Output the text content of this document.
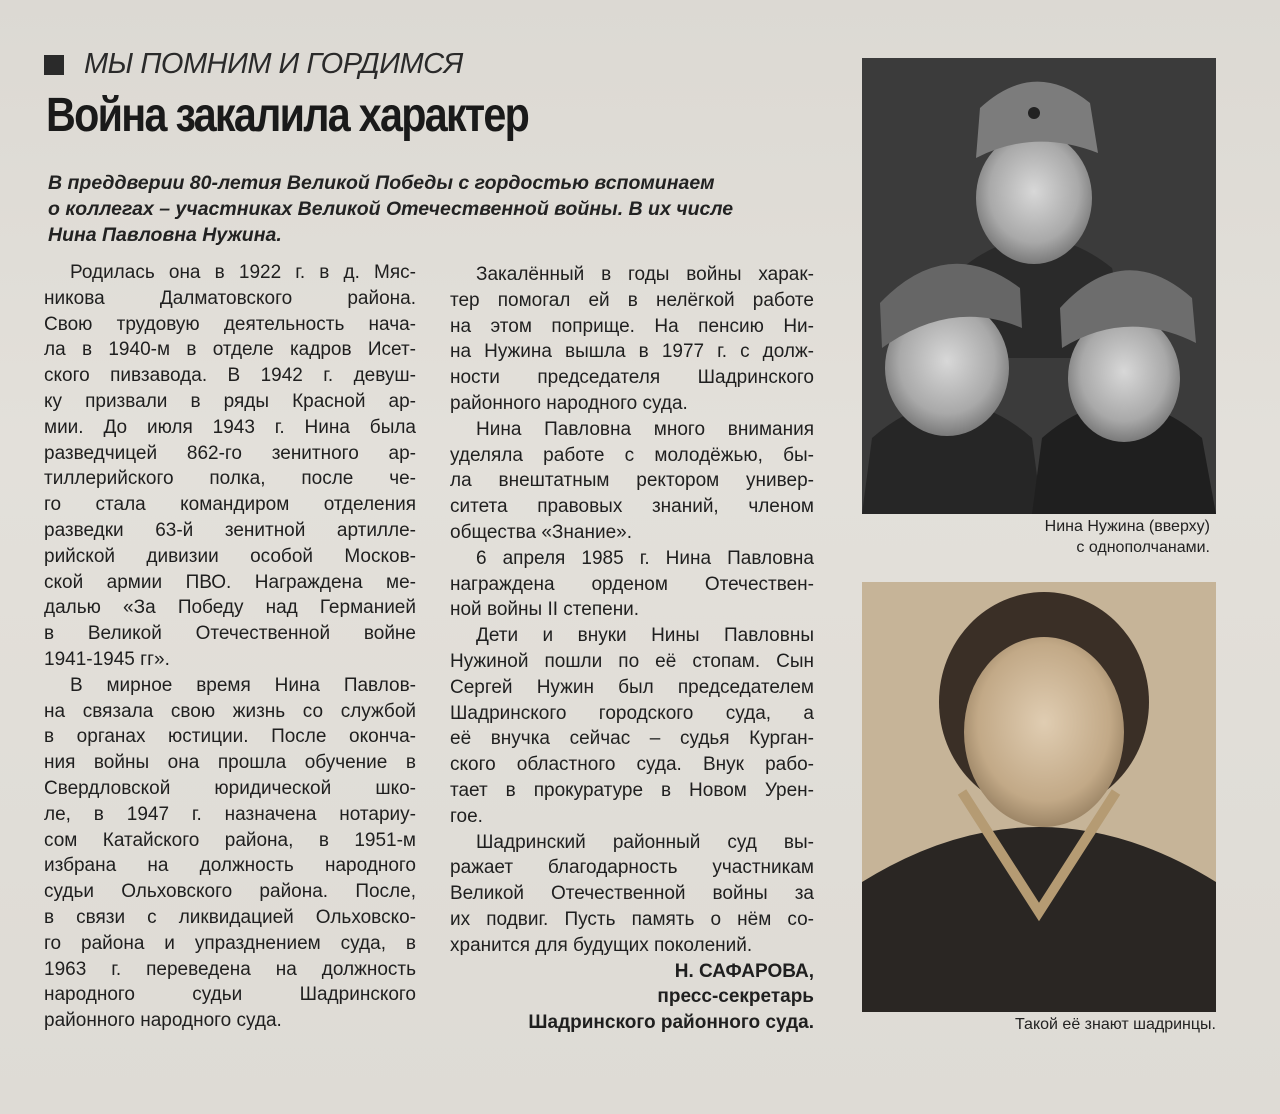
МЫ ПОМНИМ И ГОРДИМСЯ
Война закалила характер
В преддверии 80-летия Великой Победы с гордостью вспоминаем
о коллегах – участниках Великой Отечественной войны. В их числе
Нина Павловна Нужина.
Родилась она в 1922 г. в д. Мяс-
никова Далматовского района.
Свою трудовую деятельность нача-
ла в 1940-м в отделе кадров Исет-
ского пивзавода. В 1942 г. девуш-
ку призвали в ряды Красной ар-
мии. До июля 1943 г. Нина была
разведчицей 862-го зенитного ар-
тиллерийского полка, после че-
го стала командиром отделения
разведки 63-й зенитной артилле-
рийской дивизии особой Москов-
ской армии ПВО. Награждена ме-
далью «За Победу над Германией
в Великой Отечественной войне
1941-1945 гг».
В мирное время Нина Павлов-
на связала свою жизнь со службой
в органах юстиции. После оконча-
ния войны она прошла обучение в
Свердловской юридической шко-
ле, в 1947 г. назначена нотариу-
сом Катайского района, в 1951-м
избрана на должность народного
судьи Ольховского района. После,
в связи с ликвидацией Ольховско-
го района и упразднением суда, в
1963 г. переведена на должность
народного судьи Шадринского
районного народного суда.
Закалённый в годы войны харак-
тер помогал ей в нелёгкой работе
на этом поприще. На пенсию Ни-
на Нужина вышла в 1977 г. с долж-
ности председателя Шадринского
районного народного суда.
Нина Павловна много внимания
уделяла работе с молодёжью, бы-
ла внештатным ректором универ-
ситета правовых знаний, членом
общества «Знание».
6 апреля 1985 г. Нина Павловна
награждена орденом Отечествен-
ной войны II степени.
Дети и внуки Нины Павловны
Нужиной пошли по её стопам. Сын
Сергей Нужин был председателем
Шадринского городского суда, а
её внучка сейчас – судья Курган-
ского областного суда. Внук рабо-
тает в прокуратуре в Новом Урен-
гое.
Шадринский районный суд вы-
ражает благодарность участникам
Великой Отечественной войны за
их подвиг. Пусть память о нём со-
хранится для будущих поколений.
Н. САФАРОВА,
пресс-секретарь
Шадринского районного суда.
Нина Нужина (вверху)
с однополчанами.
Такой её знают шадринцы.
